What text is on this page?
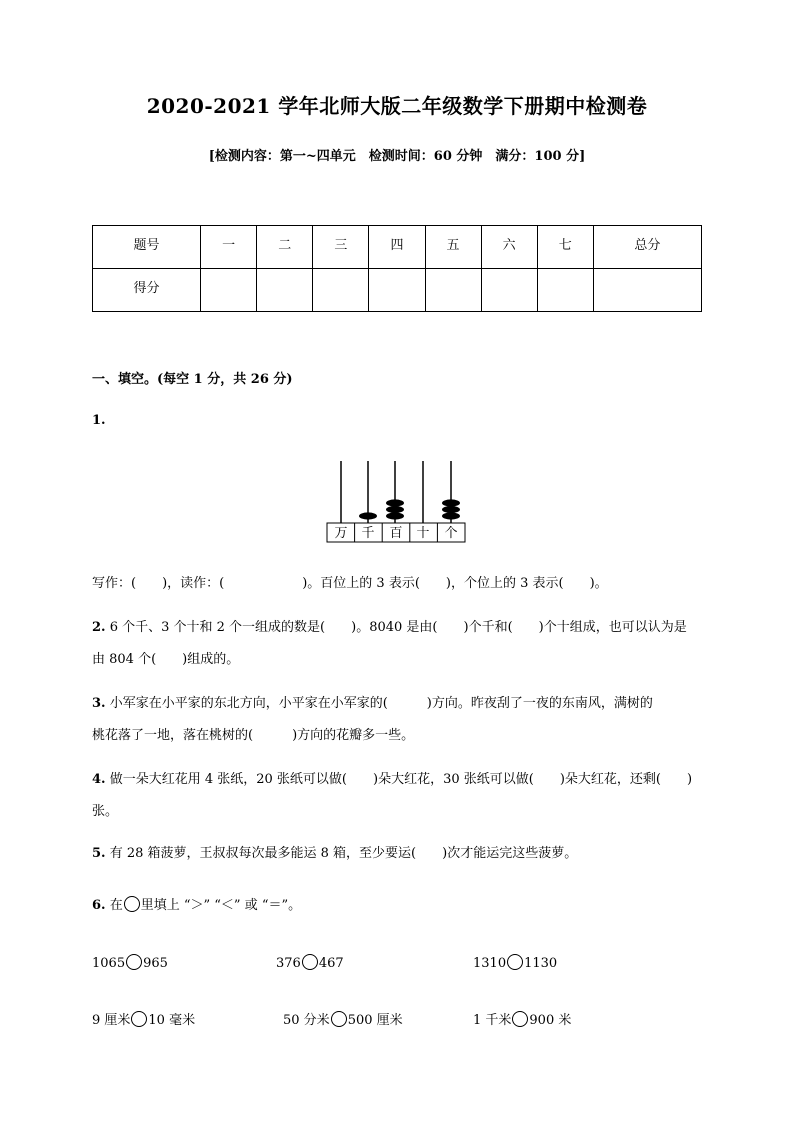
2020-2021 学年北师大版二年级数学下册期中检测卷
[检测内容：第一~四单元　检测时间：60 分钟　满分：100 分]
题号	一	二	三	四	五	六	七	总分
得分								
一、填空。(每空 1 分，共 26 分)
1.
万 千 百 十 个
写作：(　　)，读作：(　　　　　　)。百位上的 3 表示(　　)，个位上的 3 表示(　　)。
2. 6 个千、3 个十和 2 个一组成的数是(　　)。8040 是由(　　)个千和(　　)个十组成，也可以认为是
由 804 个(　　)组成的。
3. 小军家在小平家的东北方向，小平家在小军家的(　　　)方向。昨夜刮了一夜的东南风，满树的
桃花落了一地，落在桃树的(　　　)方向的花瓣多一些。
4. 做一朵大红花用 4 张纸，20 张纸可以做(　　)朵大红花，30 张纸可以做(　　)朵大红花，还剩(　　)
张。
5. 有 28 箱菠萝，王叔叔每次最多能运 8 箱，至少要运(　　)次才能运完这些菠萝。
6. 在 里填上 “＞” “＜” 或 “＝”。
1065 965	376 467	1310 1130
9 厘米 10 毫米	50 分米 500 厘米	1 千米 900 米
